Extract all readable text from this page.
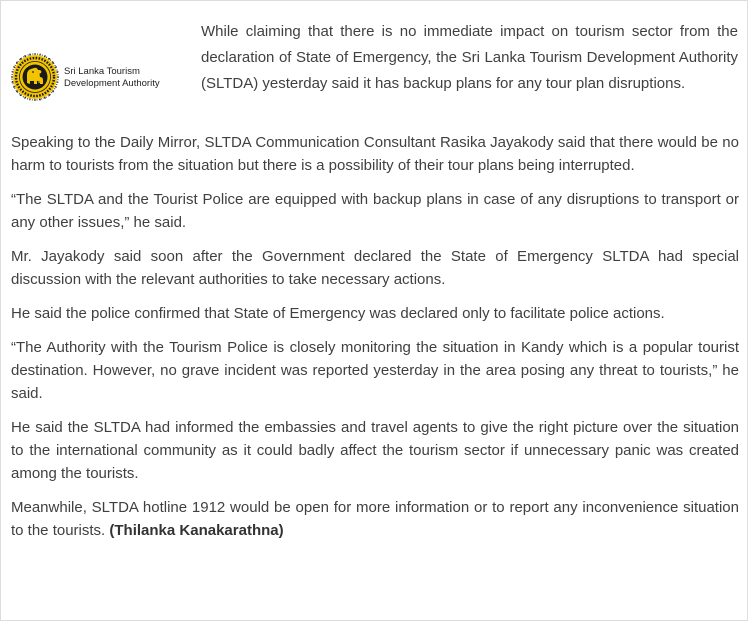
Sri Lanka Tourism
Development Authority

While claiming that there is no immediate impact on tourism sector from the declaration of State of Emergency, the Sri Lanka Tourism Development Authority (SLTDA) yesterday said it has backup plans for any tour plan disruptions.

Speaking to the Daily Mirror, SLTDA Communication Consultant Rasika Jayakody said that there would be no harm to tourists from the situation but there is a possibility of their tour plans being interrupted.

“The SLTDA and the Tourist Police are equipped with backup plans in case of any disruptions to transport or any other issues,” he said.

Mr. Jayakody said soon after the Government declared the State of Emergency SLTDA had special discussion with the relevant authorities to take necessary actions.

He said the police confirmed that State of Emergency was declared only to facilitate police actions.

“The Authority with the Tourism Police is closely monitoring the situation in Kandy which is a popular tourist destination. However, no grave incident was reported yesterday in the area posing any threat to tourists,” he said.

He said the SLTDA had informed the embassies and travel agents to give the right picture over the situation to the international community as it could badly affect the tourism sector if unnecessary panic was created among the tourists.

Meanwhile, SLTDA hotline 1912 would be open for more information or to report any inconvenience situation to the tourists. (Thilanka Kanakarathna)
